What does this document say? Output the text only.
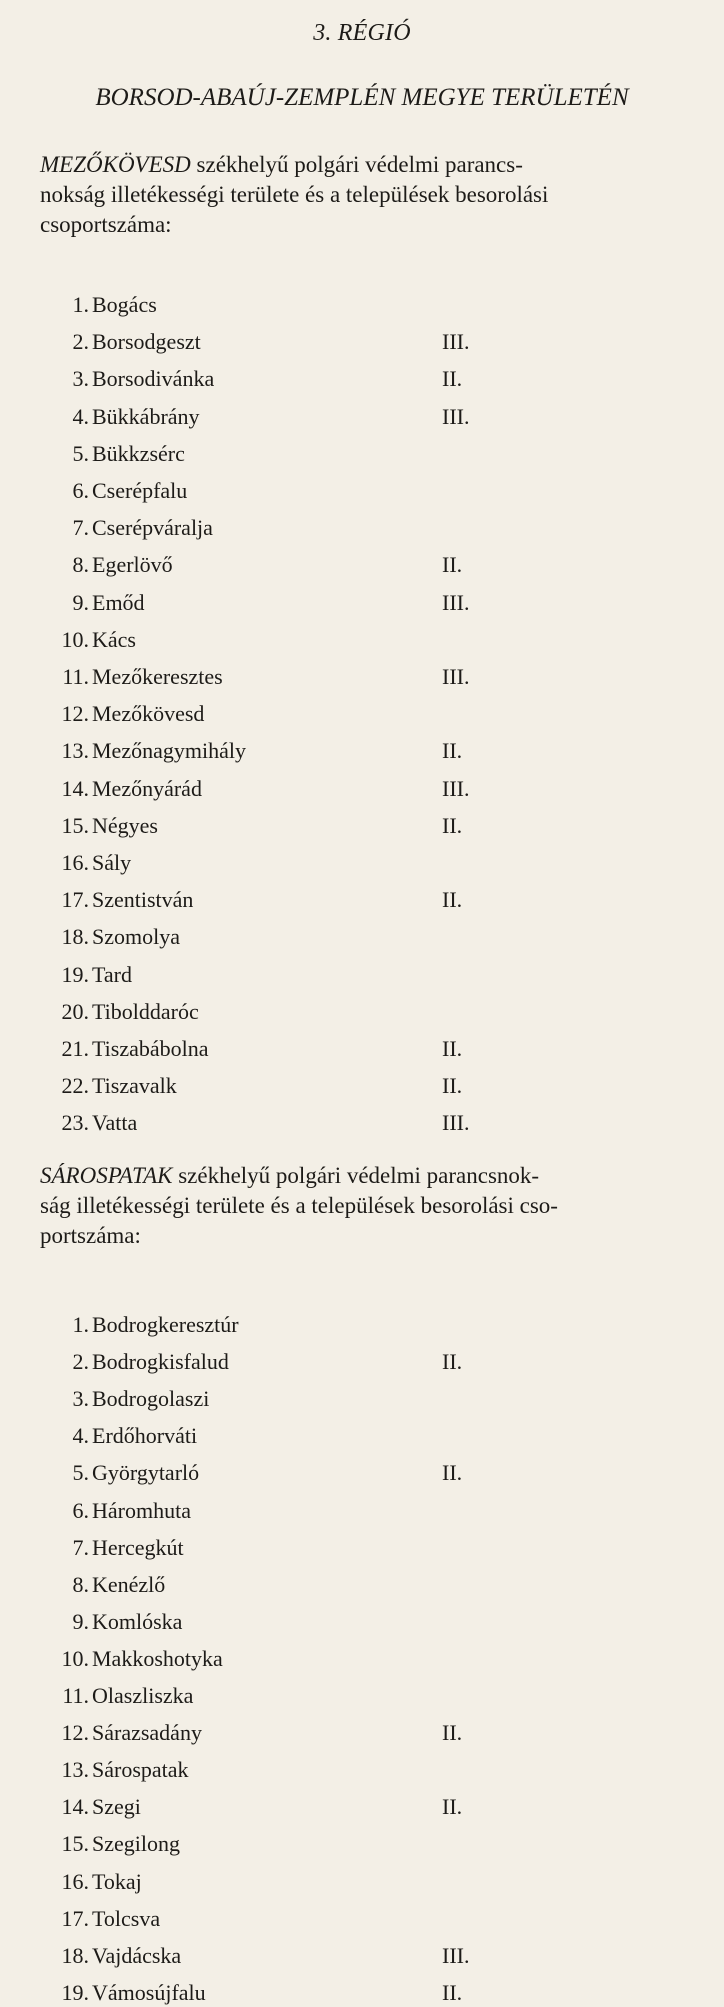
3. RÉGIÓ
BORSOD-ABAÚJ-ZEMPLÉN MEGYE TERÜLETÉN
MEZŐKÖVESD székhelyű polgári védelmi parancs-
nokság illetékességi területe és a települések besorolási
csoportszáma:
1. Bogács
2. Borsodgeszt	III.
3. Borsodivánka	II.
4. Bükkábrány	III.
5. Bükkzsérc
6. Cserépfalu
7. Cserépváralja
8. Egerlövő	II.
9. Emőd	III.
10. Kács
11. Mezőkeresztes	III.
12. Mezőkövesd
13. Mezőnagymihály	II.
14. Mezőnyárád	III.
15. Négyes	II.
16. Sály
17. Szentistván	II.
18. Szomolya
19. Tard
20. Tibolddaróc
21. Tiszabábolna	II.
22. Tiszavalk	II.
23. Vatta	III.
SÁROSPATAK székhelyű polgári védelmi parancsnok-
ság illetékességi területe és a települések besorolási cso-
portszáma:
1. Bodrogkeresztúr
2. Bodrogkisfalud	II.
3. Bodrogolaszi
4. Erdőhorváti
5. Györgytarló	II.
6. Háromhuta
7. Hercegkút
8. Kenézlő
9. Komlóska
10. Makkoshotyka
11. Olaszliszka
12. Sárazsadány	II.
13. Sárospatak
14. Szegi	II.
15. Szegilong
16. Tokaj
17. Tolcsva
18. Vajdácska	III.
19. Vámosújfalu	II.
